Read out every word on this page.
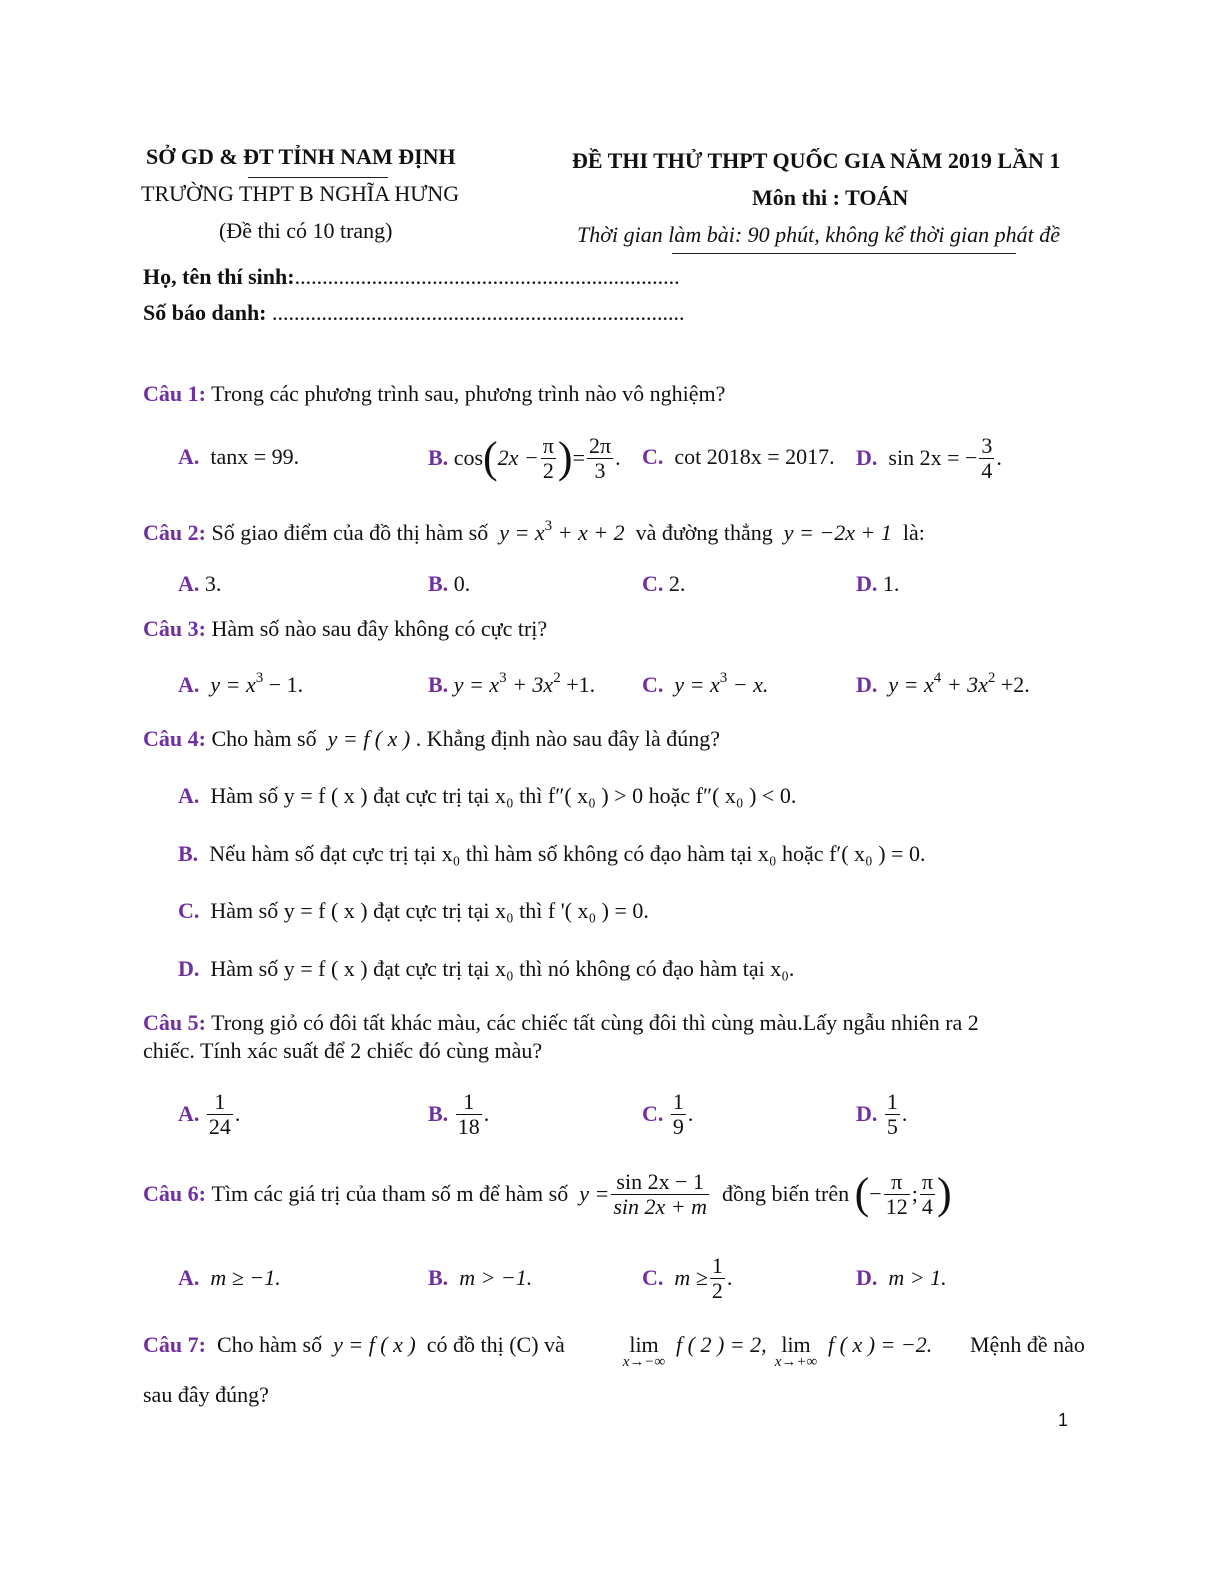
SỞ GD & ĐT TỈNH NAM ĐỊNH
TRƯỜNG THPT B NGHĨA HƯNG
(Đề thi có 10 trang)
ĐỀ THI THỬ THPT QUỐC GIA NĂM 2019 LẦN 1
Môn thi : TOÁN
Thời gian làm bài: 90 phút, không kể thời gian phát đề
Họ, tên thí sinh:......................................................................
Số báo danh: ...........................................................................
Câu 1: Trong các phương trình sau, phương trình nào vô nghiệm?
A. tanx = 99.	B.
cos ( $2x - \frac{\pi}{2}$ ) = $\frac{2\pi}{3}$ . C. cot 2018x = 2017. D.
sin 2x = − $\frac{3}{4}$ .
Câu 2: Số giao điểm của đồ thị hàm số $y = x^3 + x + 2$ và đường thẳng y = −2x + 1 là:
A. 3.	B. 0.	C. 2.	D. 1.
Câu 3: Hàm số nào sau đây không có cực trị?
A. $y = x^3 - 1$.	B. $y = x^3 + 3x^2 +1$. C. $y = x^3 - x$.	D. $y = x^4 + 3x^2 +2$.
Câu 4: Cho hàm số y = f ( x ) . Khẳng định nào sau đây là đúng?
A. Hàm số y = f ( x ) đạt cực trị tại x₀ thì f″( x₀ ) > 0 hoặc f″( x₀ ) < 0.
B. Nếu hàm số đạt cực trị tại x₀ thì hàm số không có đạo hàm tại x₀ hoặc f′( x₀ ) = 0.
C. Hàm số y = f ( x ) đạt cực trị tại x₀ thì f '( x₀ ) = 0.
D. Hàm số y = f ( x ) đạt cực trị tại x₀ thì nó không có đạo hàm tại x₀.
Câu 5: Trong giỏ có đôi tất khác màu, các chiếc tất cùng đôi thì cùng màu.Lấy ngẫu nhiên ra 2
chiếc. Tính xác suất để 2 chiếc đó cùng màu?
A.
$\frac{1}{24}$ .	B.
$\frac{1}{18}$ .	C.
$\frac{1}{9}$ .	D.
$\frac{1}{5}$ .
Câu 6:
Tìm các giá trị của tham số m để hàm số
$y = \frac{\sin 2x - 1}{\sin 2x + m}$
đồng biến trên
( − $\frac{\pi}{12}$ ; $\frac{\pi}{4}$ )
A. m ≥ −1.	B. m > −1.	C.
$m \ge \frac{1}{2}$ .	D. m > 1.
Câu 7: Cho hàm số y = f ( x ) có đồ thị (C) và	lim
x→−∞
f ( 2 ) = 2, lim
x→+∞
f ( x ) = −2. Mệnh đề nào
sau đây đúng?
1
